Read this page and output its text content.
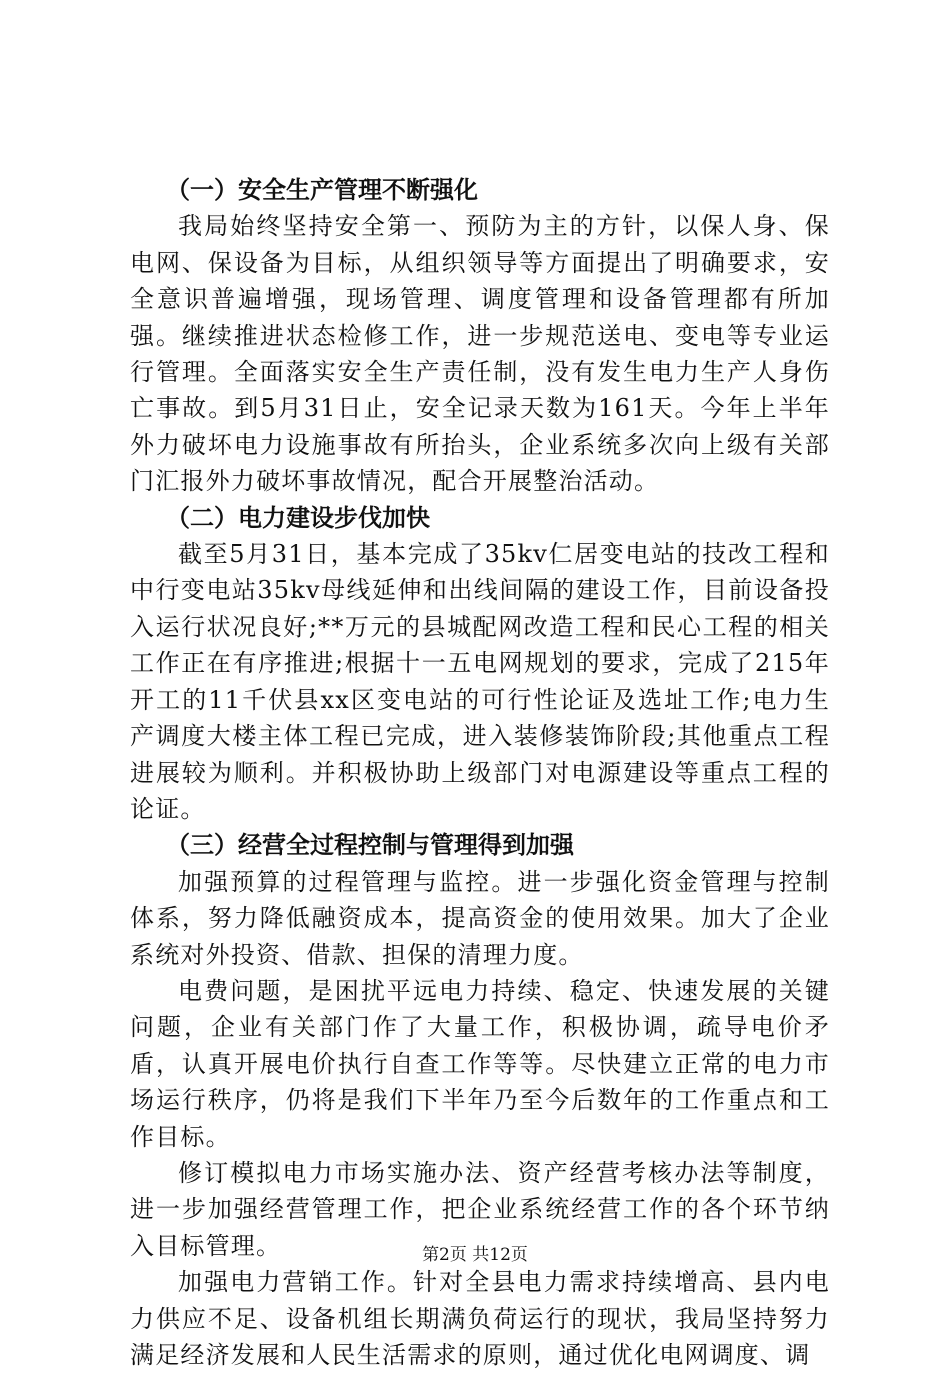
（一）安全生产管理不断强化

我局始终坚持安全第一、预防为主的方针，以保人身、保电网、保设备为目标，从组织领导等方面提出了明确要求，安全意识普遍增强，现场管理、调度管理和设备管理都有所加强。继续推进状态检修工作，进一步规范送电、变电等专业运行管理。全面落实安全生产责任制，没有发生电力生产人身伤亡事故。到5月31日止，安全记录天数为161天。今年上半年外力破坏电力设施事故有所抬头，企业系统多次向上级有关部门汇报外力破坏事故情况，配合开展整治活动。

（二）电力建设步伐加快

截至5月31日，基本完成了35kv仁居变电站的技改工程和中行变电站35kv母线延伸和出线间隔的建设工作，目前设备投入运行状况良好;**万元的县城配网改造工程和民心工程的相关工作正在有序推进;根据十一五电网规划的要求，完成了215年开工的11千伏县xx区变电站的可行性论证及选址工作;电力生产调度大楼主体工程已完成，进入装修装饰阶段;其他重点工程进展较为顺利。并积极协助上级部门对电源建设等重点工程的论证。

（三）经营全过程控制与管理得到加强

加强预算的过程管理与监控。进一步强化资金管理与控制体系，努力降低融资成本，提高资金的使用效果。加大了企业系统对外投资、借款、担保的清理力度。

电费问题，是困扰平远电力持续、稳定、快速发展的关键问题，企业有关部门作了大量工作，积极协调，疏导电价矛盾，认真开展电价执行自查工作等等。尽快建立正常的电力市场运行秩序，仍将是我们下半年乃至今后数年的工作重点和工作目标。

修订模拟电力市场实施办法、资产经营考核办法等制度，进一步加强经营管理工作，把企业系统经营工作的各个环节纳入目标管理。

加强电力营销工作。针对全县电力需求持续增高、县内电力供应不足、设备机组长期满负荷运行的现状，我局坚持努力满足经济发展和人民生活需求的原则，通过优化电网调度、调

第2页 共12页
